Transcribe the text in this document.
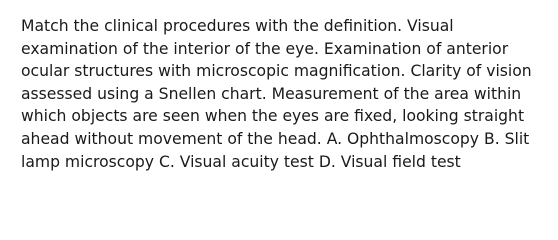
Match the clinical procedures with the definition. Visual examination of the interior of the eye. Examination of anterior ocular structures with microscopic magnification. Clarity of vision assessed using a Snellen chart. Measurement of the area within which objects are seen when the eyes are fixed, looking straight ahead without movement of the head. A. Ophthalmoscopy B. Slit lamp microscopy C. Visual acuity test D. Visual field test
